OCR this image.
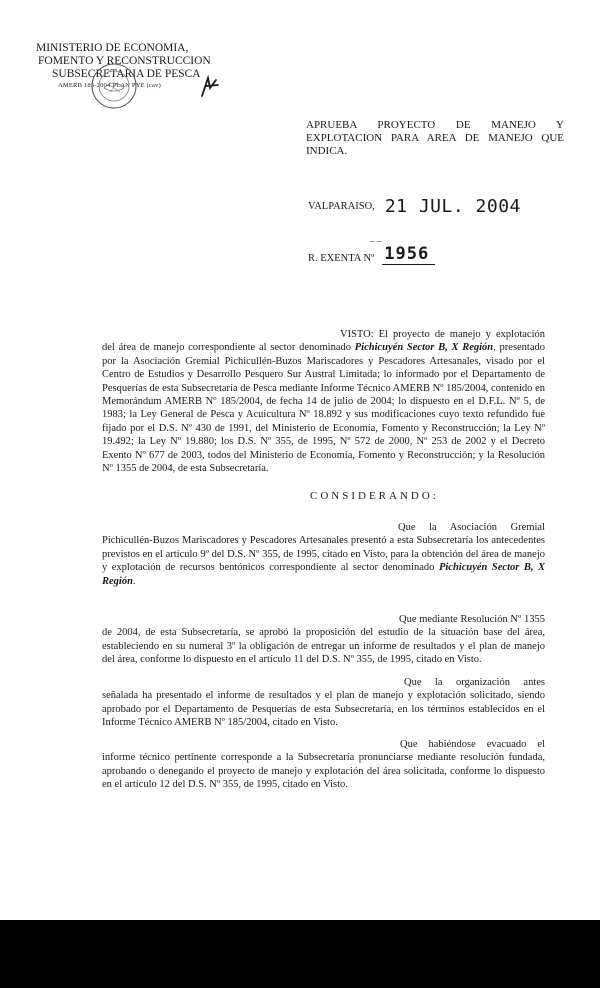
MINISTERIO DE ECONOMIA,
FOMENTO Y RECONSTRUCCION
SUBSECRETARIA DE PESCA
AMERB 185-2004 PLAN PYE (cav)
APRUEBA PROYECTO DE MANEJO Y EXPLOTACION PARA AREA DE MANEJO QUE INDICA.
VALPARAISO, 21 JUL. 2004
– –
R. EXENTA Nº 1956
VISTO: El proyecto de manejo y explotación del área de manejo correspondiente al sector denominado Pichicuyén Sector B, X Región, presentado por la Asociación Gremial Pichicullén-Buzos Mariscadores y Pescadores Artesanales, visado por el Centro de Estudios y Desarrollo Pesquero Sur Austral Limitada; lo informado por el Departamento de Pesquerías de esta Subsecretaría de Pesca mediante Informe Técnico AMERB Nº 185/2004, contenido en Memorándum AMERB Nº 185/2004, de fecha 14 de julio de 2004; lo dispuesto en el D.F.L. Nº 5, de 1983; la Ley General de Pesca y Acuicultura Nº 18.892 y sus modificaciones cuyo texto refundido fue fijado por el D.S. Nº 430 de 1991, del Ministerio de Economía, Fomento y Reconstrucción; la Ley Nº 19.492; la Ley Nº 19.880; los D.S. Nº 355, de 1995, Nº 572 de 2000, Nº 253 de 2002 y el Decreto Exento Nº 677 de 2003, todos del Ministerio de Economía, Fomento y Reconstrucción; y la Resolución Nº 1355 de 2004, de esta Subsecretaría.
CONSIDERANDO:
Que la Asociación Gremial Pichicullén-Buzos Mariscadores y Pescadores Artesanales presentó a esta Subsecretaría los antecedentes previstos en el artículo 9º del D.S. Nº 355, de 1995, citado en Visto, para la obtención del área de manejo y explotación de recursos bentónicos correspondiente al sector denominado Pichicuyén Sector B, X Región.
Que mediante Resolución Nº 1355 de 2004, de esta Subsecretaría, se aprobó la proposición del estudio de la situación base del área, estableciendo en su numeral 3º la obligación de entregar un informe de resultados y el plan de manejo del área, conforme lo dispuesto en el artículo 11 del D.S. Nº 355, de 1995, citado en Visto.
Que la organización antes señalada ha presentado el informe de resultados y el plan de manejo y explotación solicitado, siendo aprobado por el Departamento de Pesquerías de esta Subsecretaría, en los términos establecidos en el Informe Técnico AMERB Nº 185/2004, citado en Visto.
Que habiéndose evacuado el informe técnico pertinente corresponde a la Subsecretaría pronunciarse mediante resolución fundada, aprobando o denegando el proyecto de manejo y explotación del área solicitada, conforme lo dispuesto en el artículo 12 del D.S. Nº 355, de 1995, citado en Visto.
